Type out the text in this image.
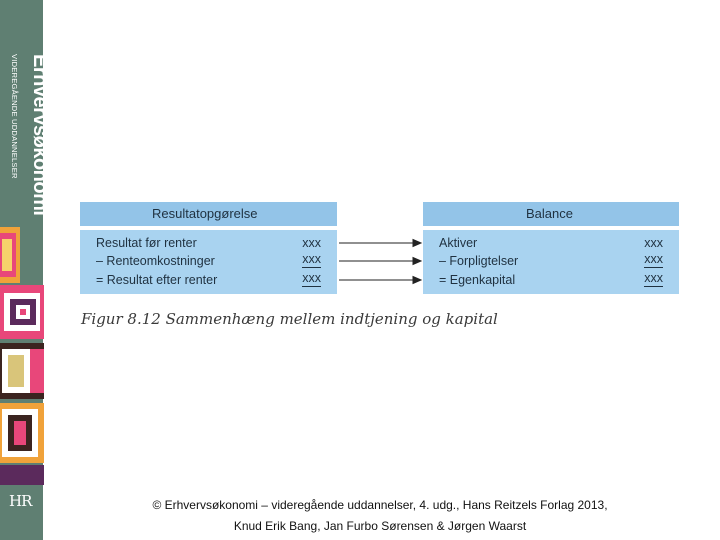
Erhvervsøkonomi
VIDEREGÅENDE UDDANNELSER
HR
Resultatopgørelse
Resultat før renter	xxx
– Renteomkostninger	xxx
= Resultat efter renter	xxx
Balance
Aktiver	xxx
– Forpligtelser	xxx
= Egenkapital	xxx
Figur 8.12 Sammenhæng mellem indtjening og kapital
© Erhvervsøkonomi – videregående uddannelser, 4. udg., Hans Reitzels Forlag 2013,
Knud Erik Bang, Jan Furbo Sørensen & Jørgen Waarst
